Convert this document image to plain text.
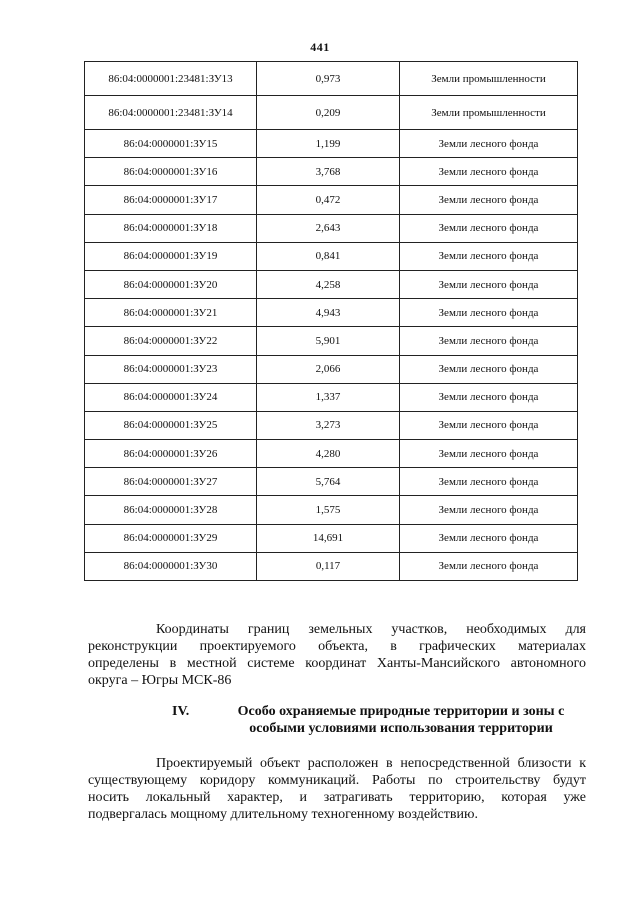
441
86:04:0000001:23481:ЗУ13	0,973	Земли промышленности
86:04:0000001:23481:ЗУ14	0,209	Земли промышленности
86:04:0000001:ЗУ15	1,199	Земли лесного фонда
86:04:0000001:ЗУ16	3,768	Земли лесного фонда
86:04:0000001:ЗУ17	0,472	Земли лесного фонда
86:04:0000001:ЗУ18	2,643	Земли лесного фонда
86:04:0000001:ЗУ19	0,841	Земли лесного фонда
86:04:0000001:ЗУ20	4,258	Земли лесного фонда
86:04:0000001:ЗУ21	4,943	Земли лесного фонда
86:04:0000001:ЗУ22	5,901	Земли лесного фонда
86:04:0000001:ЗУ23	2,066	Земли лесного фонда
86:04:0000001:ЗУ24	1,337	Земли лесного фонда
86:04:0000001:ЗУ25	3,273	Земли лесного фонда
86:04:0000001:ЗУ26	4,280	Земли лесного фонда
86:04:0000001:ЗУ27	5,764	Земли лесного фонда
86:04:0000001:ЗУ28	1,575	Земли лесного фонда
86:04:0000001:ЗУ29	14,691	Земли лесного фонда
86:04:0000001:ЗУ30	0,117	Земли лесного фонда
Координаты границ земельных участков, необходимых для
реконструкции проектируемого объекта, в графических материалах
определены в местной системе координат Ханты-Мансийского автономного
округа – Югры МСК-86
IV.	Особо охраняемые природные территории и зоны с
особыми условиями использования территории
Проектируемый объект расположен в непосредственной близости к
существующему коридору коммуникаций. Работы по строительству будут
носить локальный характер, и затрагивать территорию, которая уже
подвергалась мощному длительному техногенному воздействию.
